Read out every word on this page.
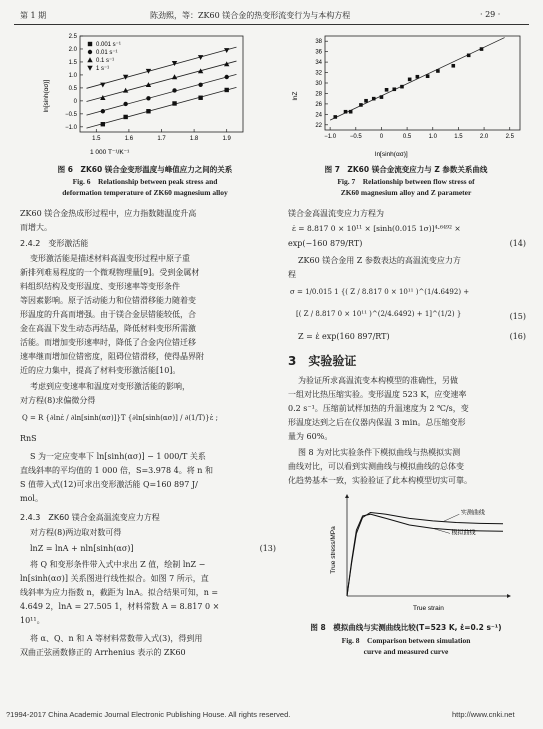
第 1 期	陈劲熙，等：ZK60 镁合金的热变形流变行为与本构方程	· 29 ·
1.5	1.6	1.7	1.8	1.9
−1.0
−0.5
0
0.5
1.0
1.5
2.0
2.5
0.001 s⁻¹
0.01 s⁻¹
0.1 s⁻¹
1 s⁻¹
1 000 T⁻¹/K⁻¹
ln[sinh(ασ)]
图 6　ZK60 镁合金变形温度与峰值应力之间的关系
Fig. 6　Relationship between peak stress and
deformation temperature of ZK60 magnesium alloy
−1.0 −0.5	0	0.5	1.0	1.5	2.0	2.5
22
24
26
28
30
32
34
36
38
ln[sinh(ασ)]
lnZ
图 7　ZK60 镁合金流变应力与 Z 参数关系曲线
Fig. 7　Relationship between flow stress of
ZK60 magnesium alloy and Z parameter
ZK60 镁合金热成形过程中，应力指数随温度升高
而增大。
2.4.2　变形激活能
变形激活能是描述材料高温变形过程中原子重
新排列难易程度的一个微观物理量[9]。受到金属材
料组织结构及变形温度、变形速率等变形条件
等因素影响。原子活动能力和位错滑移能力随着变
形温度的升高而增强。由于镁合金层错能较低，合
金在高温下发生动态再结晶，降低材料变形所需激
活能。而增加变形速率时，降低了合金内位错迁移
速率继而增加位错密度，阻碍位错滑移，使得晶界附
近的应力集中，提高了材料变形激活能[10]。
考虑到应变速率和温度对变形激活能的影响，
对方程(8)求偏微分得
Q = R {∂lnε̇ / ∂ln[sinh(ασ)]}T {∂ln[sinh(ασ)] / ∂(1/T)}ε̇ ;
RnS
S 为一定应变率下 ln[sinh(ασ)] − 1 000/T 关系
直线斜率的平均值的 1 000 倍，S=3.978 4。将 n 和
S 值带入式(12)可求出变形激活能 Q=160 897 J/
mol。
2.4.3　ZK60 镁合金高温流变应力方程
对方程(8)两边取对数可得
lnZ = lnA + nln[sinh(ασ)]	(13)
将 Q 和变形条件带入式中求出 Z 值，绘制 lnZ −
ln[sinh(ασ)] 关系图进行线性拟合。如图 7 所示，直
线斜率为应力指数 n，截距为 lnA。拟合结果可知，n =
4.649 2，lnA = 27.505 1，材料常数 A = 8.817 0 ×
10¹¹。
将 α、Q、n 和 A 等材料常数带入式(3)，得到用
双曲正弦函数修正的 Arrhenius 表示的 ZK60
镁合金高温流变应力方程为
ε̇ = 8.817 0 × 10¹¹ × [sinh(0.015 1σ)]⁴·⁶⁴⁹² ×
exp(−160 879/RT)	(14)
ZK60 镁合金用 Z 参数表达的高温流变应力方
程
σ = 1/0.015 1 {( Z / 8.817 0 × 10¹¹ )^(1/4.6492) +
[( Z / 8.817 0 × 10¹¹ )^(2/4.6492) + 1]^(1/2) }	(15)
Z = ε̇ exp(160 897/RT)	(16)
3　实验验证
为验证所求高温流变本构模型的准确性，另做
一组对比热压缩实验。变形温度 523 K，应变速率
0.2 s⁻¹。压缩前试样加热的升温速度为 2 ℃/s，变
形温度达到之后在仪器内保温 3 min。总压缩变形
量为 60%。
图 8 为对比实验条件下模拟曲线与热模拟实测
曲线对比，可以看到实测曲线与模拟曲线的总体变
化趋势基本一致，实验验证了此本构模型切实可靠。
实测曲线
模拟曲线
True strain
True stress/MPa
图 8　模拟曲线与实测曲线比较(T=523 K, ε̇=0.2 s⁻¹)
Fig. 8　Comparison between simulation
curve and measured curve
?1994-2017 China Academic Journal Electronic Publishing House. All rights reserved.	http://www.cnki.net
